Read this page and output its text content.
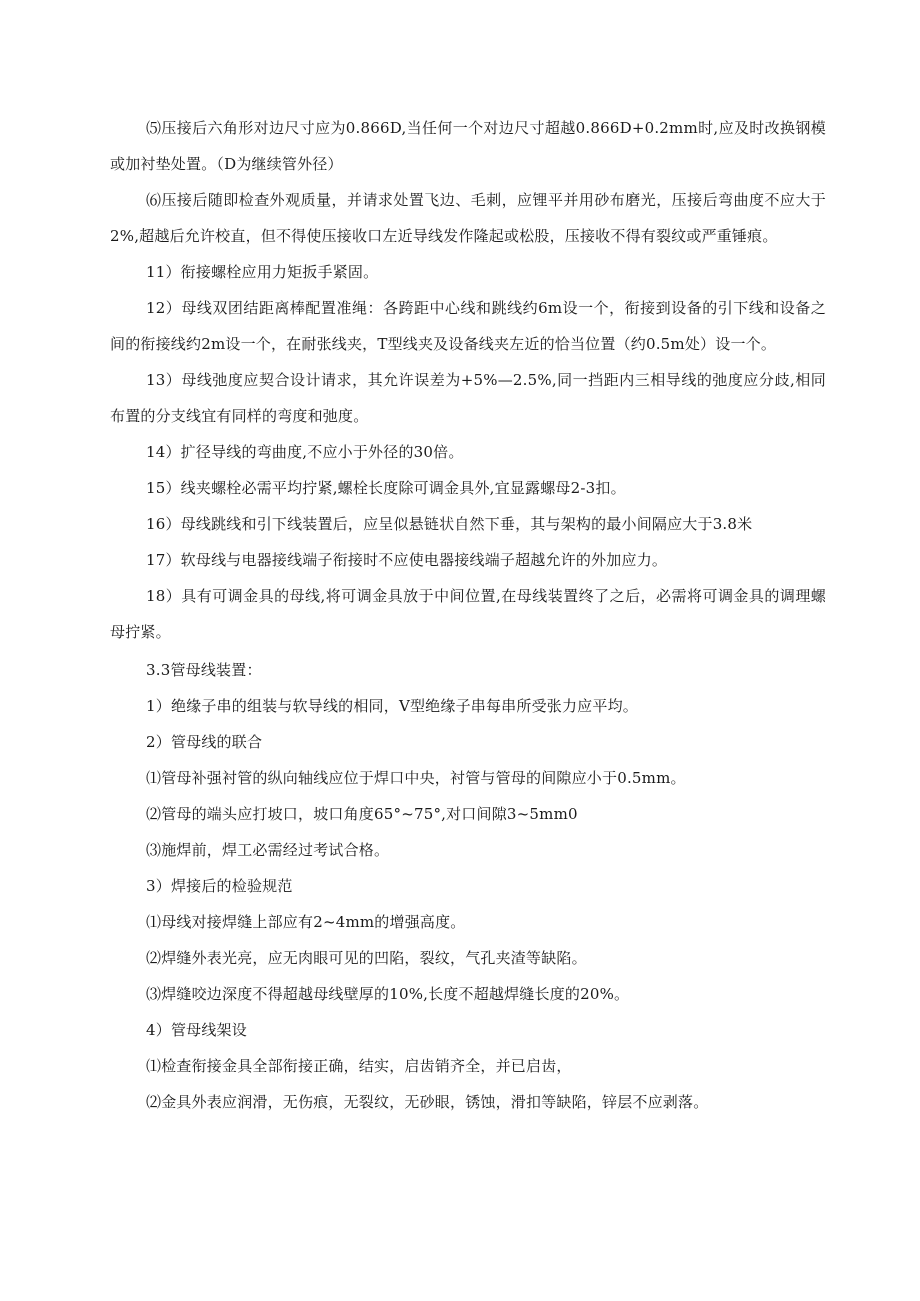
⑸压接后六角形对边尺寸应为0.866D,当任何一个对边尺寸超越0.866D+0.2mm时,应及时改换钢模或加衬垫处置。（D为继续管外径）

⑹压接后随即检查外观质量，并请求处置飞边、毛刺，应锂平并用砂布磨光，压接后弯曲度不应大于2%,超越后允许校直，但不得使压接收口左近导线发作隆起或松股，压接收不得有裂纹或严重锤痕。

11）衔接螺栓应用力矩扳手紧固。

12）母线双团结距离棒配置准绳：各跨距中心线和跳线约6m设一个，衔接到设备的引下线和设备之间的衔接线约2m设一个，在耐张线夹，T型线夹及设备线夹左近的恰当位置（约0.5m处）设一个。

13）母线弛度应契合设计请求，其允许误差为+5%—2.5%,同一挡距内三相导线的弛度应分歧,相同布置的分支线宜有同样的弯度和弛度。

14）扩径导线的弯曲度,不应小于外径的30倍。

15）线夹螺栓必需平均拧紧,螺栓长度除可调金具外,宜显露螺母2-3扣。

16）母线跳线和引下线装置后，应呈似悬链状自然下垂，其与架构的最小间隔应大于3.8米

17）软母线与电器接线端子衔接时不应使电器接线端子超越允许的外加应力。

18）具有可调金具的母线,将可调金具放于中间位置,在母线装置终了之后，必需将可调金具的调理螺母拧紧。

3.3管母线装置：

1）绝缘子串的组装与软导线的相同，V型绝缘子串每串所受张力应平均。

2）管母线的联合

⑴管母补强衬管的纵向轴线应位于焊口中央，衬管与管母的间隙应小于0.5mm。

⑵管母的端头应打坡口，坡口角度65°~75°,对口间隙3~5mm0

⑶施焊前，焊工必需经过考试合格。

3）焊接后的检验规范

⑴母线对接焊缝上部应有2~4mm的增强高度。

⑵焊缝外表光亮，应无肉眼可见的凹陷，裂纹，气孔夹渣等缺陷。

⑶焊缝咬边深度不得超越母线壁厚的10%,长度不超越焊缝长度的20%。

4）管母线架设

⑴检查衔接金具全部衔接正确，结实，启齿销齐全，并已启齿，

⑵金具外表应润滑，无伤痕，无裂纹，无砂眼，锈蚀，滑扣等缺陷，锌层不应剥落。
